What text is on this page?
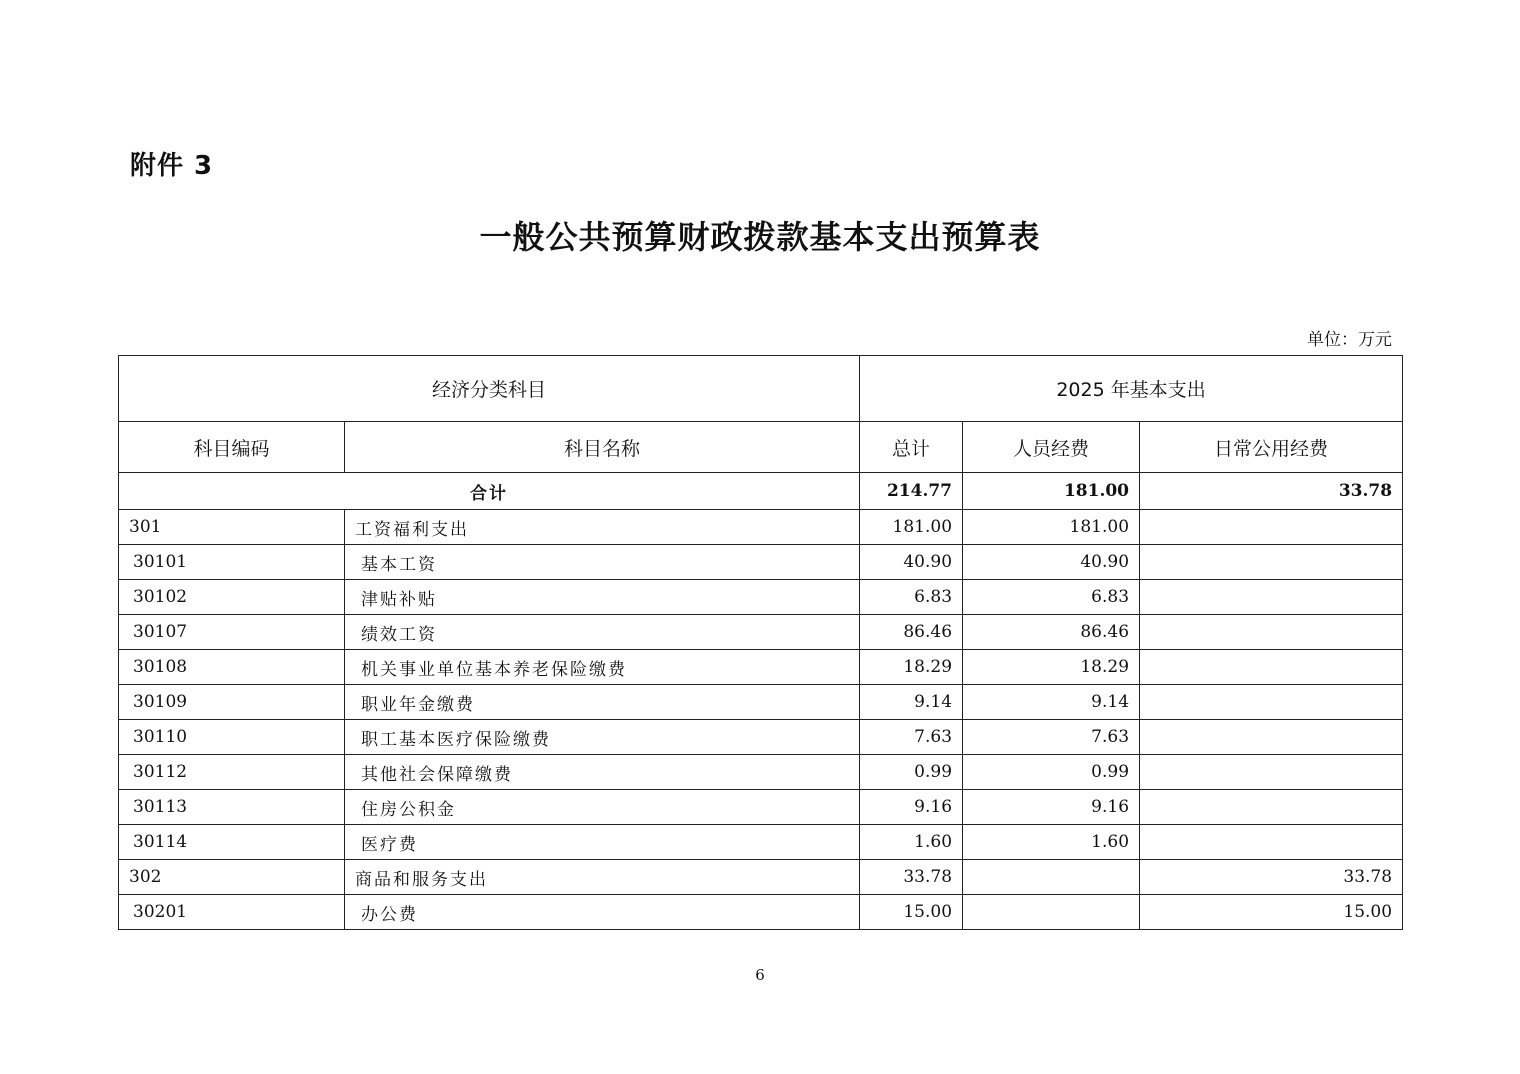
附件 3
一般公共预算财政拨款基本支出预算表
单位：万元
经济分类科目		2025 年基本支出		
科目编码	科目名称	总计	人员经费	日常公用经费
合计		214.77	181.00	33.78
301	工资福利支出	181.00	181.00	
30101	基本工资	40.90	40.90	
30102	津贴补贴	6.83	6.83	
30107	绩效工资	86.46	86.46	
30108	机关事业单位基本养老保险缴费	18.29	18.29	
30109	职业年金缴费	9.14	9.14	
30110	职工基本医疗保险缴费	7.63	7.63	
30112	其他社会保障缴费	0.99	0.99	
30113	住房公积金	9.16	9.16	
30114	医疗费	1.60	1.60	
302	商品和服务支出	33.78		33.78
30201	办公费	15.00		15.00
6
